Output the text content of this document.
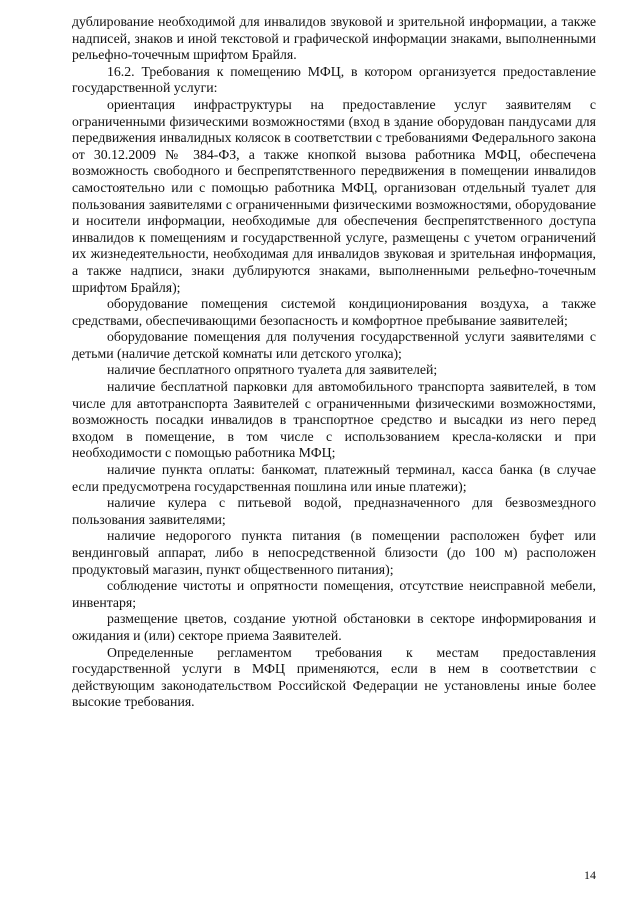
дублирование необходимой для инвалидов звуковой и зрительной информации, а также надписей, знаков и иной текстовой и графической информации знаками, выполненными рельефно-точечным шрифтом Брайля.

16.2. Требования к помещению МФЦ, в котором организуется предоставление государственной услуги:

ориентация инфраструктуры на предоставление услуг заявителям с ограниченными физическими возможностями (вход в здание оборудован пандусами для передвижения инвалидных колясок в соответствии с требованиями Федерального закона от 30.12.2009 № 384-ФЗ, а также кнопкой вызова работника МФЦ, обеспечена возможность свободного и беспрепятственного передвижения в помещении инвалидов самостоятельно или с помощью работника МФЦ, организован отдельный туалет для пользования заявителями с ограниченными физическими возможностями, оборудование и носители информации, необходимые для обеспечения беспрепятственного доступа инвалидов к помещениям и государственной услуге, размещены с учетом ограничений их жизнедеятельности, необходимая для инвалидов звуковая и зрительная информация, а также надписи, знаки дублируются знаками, выполненными рельефно-точечным шрифтом Брайля);

оборудование помещения системой кондиционирования воздуха, а также средствами, обеспечивающими безопасность и комфортное пребывание заявителей;

оборудование помещения для получения государственной услуги заявителями с детьми (наличие детской комнаты или детского уголка);

наличие бесплатного опрятного туалета для заявителей;

наличие бесплатной парковки для автомобильного транспорта заявителей, в том числе для автотранспорта Заявителей с ограниченными физическими возможностями, возможность посадки инвалидов в транспортное средство и высадки из него перед входом в помещение, в том числе с использованием кресла-коляски и при необходимости с помощью работника МФЦ;

наличие пункта оплаты: банкомат, платежный терминал, касса банка (в случае если предусмотрена государственная пошлина или иные платежи);

наличие кулера с питьевой водой, предназначенного для безвозмездного пользования заявителями;

наличие недорогого пункта питания (в помещении расположен буфет или вендинговый аппарат, либо в непосредственной близости (до 100 м) расположен продуктовый магазин, пункт общественного питания);

соблюдение чистоты и опрятности помещения, отсутствие неисправной мебели, инвентаря;

размещение цветов, создание уютной обстановки в секторе информирования и ожидания и (или) секторе приема Заявителей.

Определенные регламентом требования к местам предоставления государственной услуги в МФЦ применяются, если в нем в соответствии с действующим законодательством Российской Федерации не установлены иные более высокие требования.

14
